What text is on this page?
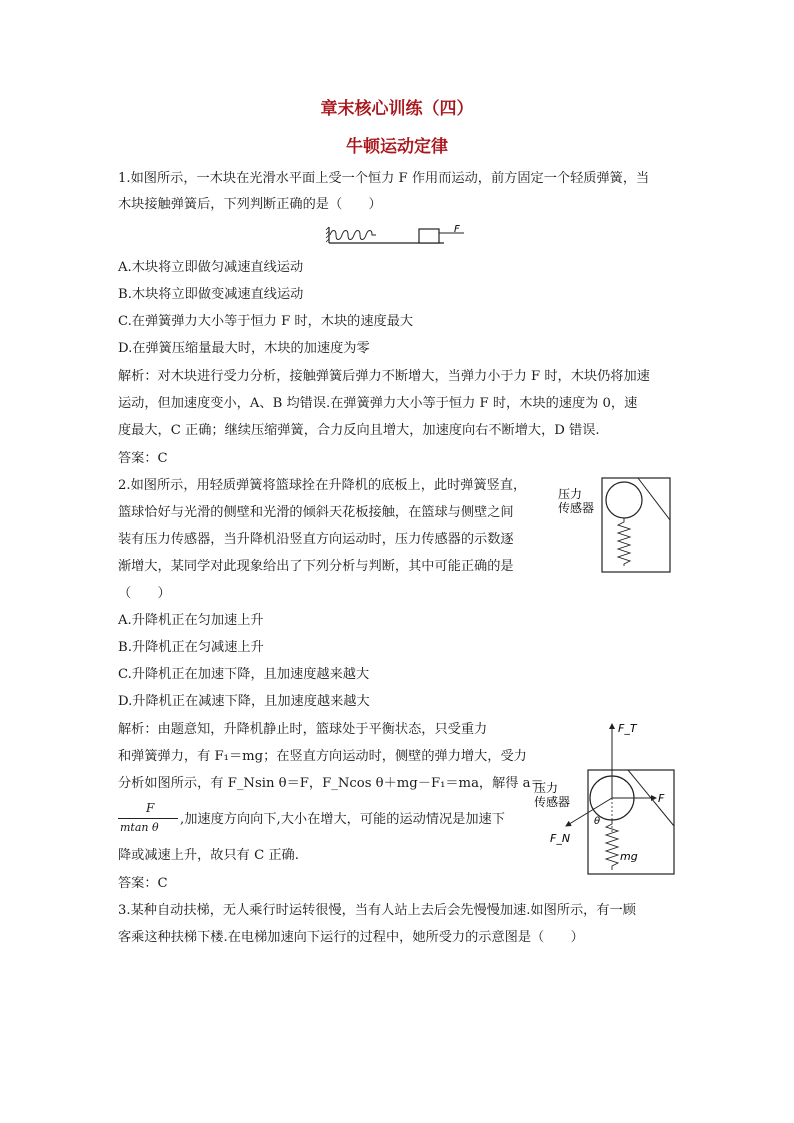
章末核心训练（四）
牛顿运动定律
1.如图所示，一木块在光滑水平面上受一个恒力 F 作用而运动，前方固定一个轻质弹簧，当
木块接触弹簧后，下列判断正确的是（　　）
F
A.木块将立即做匀减速直线运动
B.木块将立即做变减速直线运动
C.在弹簧弹力大小等于恒力 F 时，木块的速度最大
D.在弹簧压缩量最大时，木块的加速度为零
解析：对木块进行受力分析，接触弹簧后弹力不断增大，当弹力小于力 F 时，木块仍将加速
运动，但加速度变小，A、B 均错误.在弹簧弹力大小等于恒力 F 时，木块的速度为 0，速
度最大，C 正确；继续压缩弹簧，合力反向且增大，加速度向右不断增大，D 错误.
答案：C
2.如图所示，用轻质弹簧将篮球拴在升降机的底板上，此时弹簧竖直，
篮球恰好与光滑的侧壁和光滑的倾斜天花板接触，在篮球与侧壁之间
装有压力传感器，当升降机沿竖直方向运动时，压力传感器的示数逐
渐增大，某同学对此现象给出了下列分析与判断，其中可能正确的是
（　　）
压力
传感器
A.升降机正在匀加速上升
B.升降机正在匀减速上升
C.升降机正在加速下降，且加速度越来越大
D.升降机正在减速下降，且加速度越来越大
解析：由题意知，升降机静止时，篮球处于平衡状态，只受重力
和弹簧弹力，有 F₁＝mg；在竖直方向运动时，侧壁的弹力增大，受力
分析如图所示，有 F_Nsin θ＝F，F_Ncos θ＋mg－F₁＝ma，解得 a＝
F
mtan θ
,加速度方向向下,大小在增大，可能的运动情况是加速下
降或减速上升，故只有 C 正确.
F_T
F
F_N
θ
mg
压力
传感器
答案：C
3.某种自动扶梯，无人乘行时运转很慢，当有人站上去后会先慢慢加速.如图所示，有一顾
客乘这种扶梯下楼.在电梯加速向下运行的过程中，她所受力的示意图是（　　）
